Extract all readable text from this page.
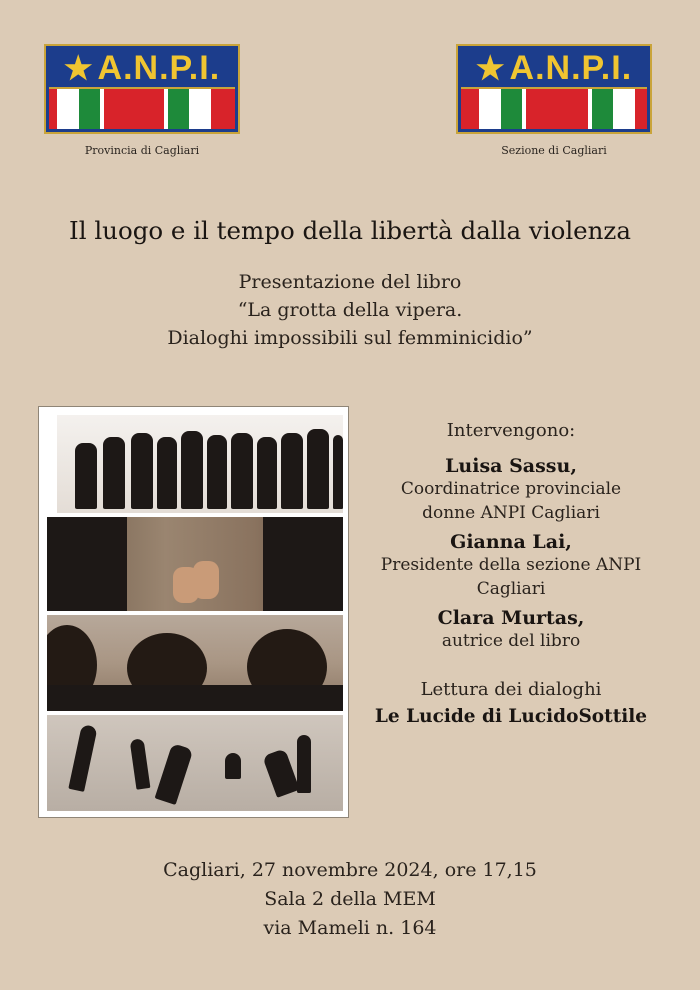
★ A.N.P.I.
Provincia di Cagliari
★ A.N.P.I.
Sezione di Cagliari
Il luogo e il tempo della libertà dalla violenza
Presentazione del libro
“La grotta della vipera.
Dialoghi impossibili sul femminicidio”
Intervengono:
Luisa Sassu,
Coordinatrice provinciale
donne ANPI Cagliari
Gianna Lai,
Presidente della sezione ANPI
Cagliari
Clara Murtas,
autrice del libro
Lettura dei dialoghi
Le Lucide di LucidoSottile
Cagliari, 27 novembre 2024, ore 17,15
Sala 2 della MEM
via Mameli n. 164
